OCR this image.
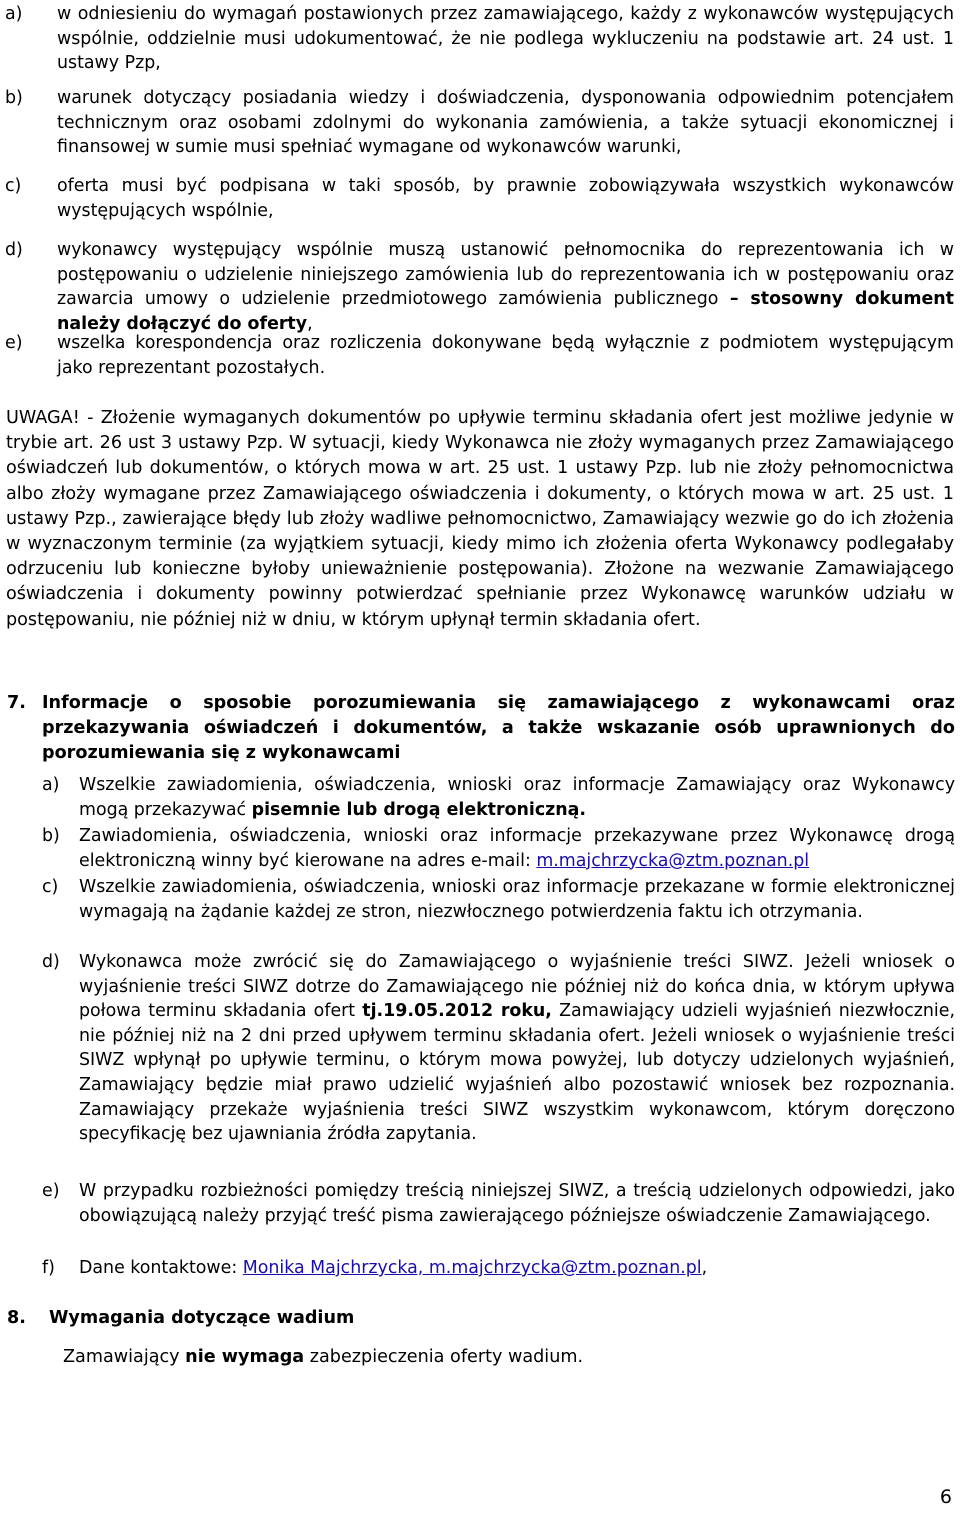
a)	w odniesieniu do wymagań postawionych przez zamawiającego, każdy z wykonawców występujących wspólnie, oddzielnie musi udokumentować, że nie podlega wykluczeniu na podstawie art. 24 ust. 1 ustawy Pzp,
b)	warunek dotyczący posiadania wiedzy i doświadczenia, dysponowania odpowiednim potencjałem technicznym oraz osobami zdolnymi do wykonania zamówienia, a także sytuacji ekonomicznej i finansowej w sumie musi spełniać wymagane od wykonawców warunki,
c)	oferta musi być podpisana w taki sposób, by prawnie zobowiązywała wszystkich wykonawców występujących wspólnie,
d)	wykonawcy występujący wspólnie muszą ustanowić pełnomocnika do reprezentowania ich w postępowaniu o udzielenie niniejszego zamówienia lub do reprezentowania ich w postępowaniu oraz zawarcia umowy o udzielenie przedmiotowego zamówienia publicznego – stosowny dokument należy dołączyć do oferty,
e)	wszelka korespondencja oraz rozliczenia dokonywane będą wyłącznie z podmiotem występującym jako reprezentant pozostałych.
UWAGA! - Złożenie wymaganych dokumentów po upływie terminu składania ofert jest możliwe jedynie w trybie art. 26 ust 3 ustawy Pzp. W sytuacji, kiedy Wykonawca nie złoży wymaganych przez Zamawiającego oświadczeń lub dokumentów, o których mowa w art. 25 ust. 1 ustawy Pzp. lub nie złoży pełnomocnictwa albo złoży wymagane przez Zamawiającego oświadczenia i dokumenty, o których mowa w art. 25 ust. 1 ustawy Pzp., zawierające błędy lub złoży wadliwe pełnomocnictwo, Zamawiający wezwie go do ich złożenia w wyznaczonym terminie (za wyjątkiem sytuacji, kiedy mimo ich złożenia oferta Wykonawcy podlegałaby odrzuceniu lub konieczne byłoby unieważnienie postępowania). Złożone na wezwanie Zamawiającego oświadczenia i dokumenty powinny potwierdzać spełnianie przez Wykonawcę warunków udziału w postępowaniu, nie później niż w dniu, w którym upłynął termin składania ofert.
7. Informacje o sposobie porozumiewania się zamawiającego z wykonawcami oraz przekazywania oświadczeń i dokumentów, a także wskazanie osób uprawnionych do porozumiewania się z wykonawcami
a)	Wszelkie zawiadomienia, oświadczenia, wnioski oraz informacje Zamawiający oraz Wykonawcy mogą przekazywać pisemnie lub drogą elektroniczną.
b)	Zawiadomienia, oświadczenia, wnioski oraz informacje przekazywane przez Wykonawcę drogą elektroniczną winny być kierowane na adres e-mail: m.majchrzycka@ztm.poznan.pl
c)	Wszelkie zawiadomienia, oświadczenia, wnioski oraz informacje przekazane w formie elektronicznej wymagają na żądanie każdej ze stron, niezwłocznego potwierdzenia faktu ich otrzymania.
d)	Wykonawca może zwrócić się do Zamawiającego o wyjaśnienie treści SIWZ. Jeżeli wniosek o wyjaśnienie treści SIWZ dotrze do Zamawiającego nie później niż do końca dnia, w którym upływa połowa terminu składania ofert tj.19.05.2012 roku, Zamawiający udzieli wyjaśnień niezwłocznie, nie później niż na 2 dni przed upływem terminu składania ofert. Jeżeli wniosek o wyjaśnienie treści SIWZ wpłynął po upływie terminu, o którym mowa powyżej, lub dotyczy udzielonych wyjaśnień, Zamawiający będzie miał prawo udzielić wyjaśnień albo pozostawić wniosek bez rozpoznania. Zamawiający przekaże wyjaśnienia treści SIWZ wszystkim wykonawcom, którym doręczono specyfikację bez ujawniania źródła zapytania.
e)	W przypadku rozbieżności pomiędzy treścią niniejszej SIWZ, a treścią udzielonych odpowiedzi, jako obowiązującą należy przyjąć treść pisma zawierającego późniejsze oświadczenie Zamawiającego.
f)	Dane kontaktowe: Monika Majchrzycka, m.majchrzycka@ztm.poznan.pl,
8.	Wymagania dotyczące wadium
Zamawiający nie wymaga zabezpieczenia oferty wadium.
6
